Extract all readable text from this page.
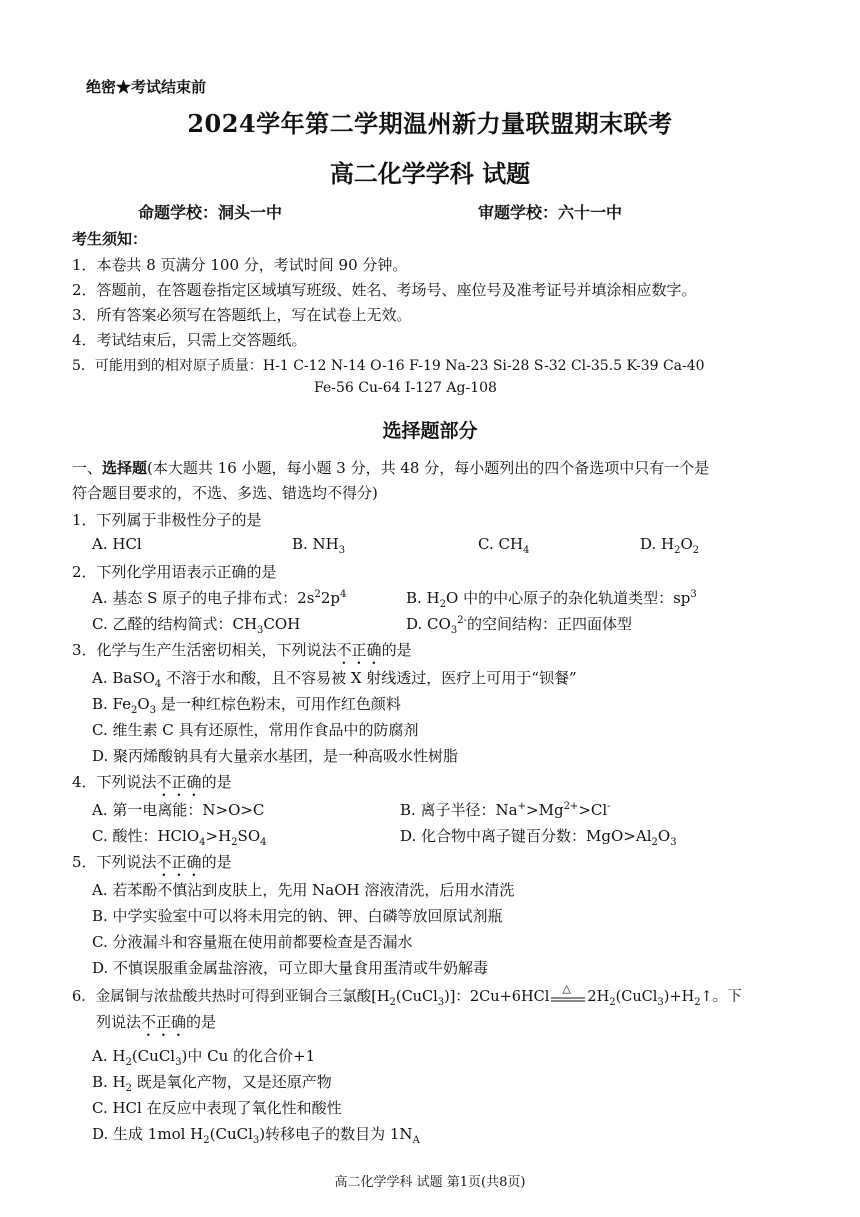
绝密★考试结束前
2024学年第二学期温州新力量联盟期末联考
高二化学学科 试题
命题学校：洞头一中	审题学校：六十一中
考生须知：
1．本卷共 8 页满分 100 分，考试时间 90 分钟。
2．答题前，在答题卷指定区域填写班级、姓名、考场号、座位号及准考证号并填涂相应数字。
3．所有答案必须写在答题纸上，写在试卷上无效。
4．考试结束后，只需上交答题纸。
5．可能用到的相对原子质量：H-1 C-12 N-14 O-16 F-19 Na-23 Si-28 S-32 Cl-35.5 K-39 Ca-40
Fe-56 Cu-64 I-127 Ag-108
选择题部分
一、选择题(本大题共 16 小题，每小题 3 分，共 48 分，每小题列出的四个备选项中只有一个是
符合题目要求的，不选、多选、错选均不得分)
1．下列属于非极性分子的是
A. HCl	B. $NH_3$	C. $CH_4$	D. $H_2O_2$
2．下列化学用语表示正确的是
A. 基态 S 原子的电子排布式：$2s^22p^4$	B. $H_2O$ 中的中心原子的杂化轨道类型：$sp^3$
C. 乙醛的结构简式：$CH_3COH$	D. $CO_3^{2-}$的空间结构：正四面体型
3．化学与生产生活密切相关，下列说法不正确的是
A. BaSO$_4$ 不溶于水和酸，且不容易被 X 射线透过，医疗上可用于“钡餐”
B. $Fe_2O_3$ 是一种红棕色粉末，可用作红色颜料
C. 维生素 C 具有还原性，常用作食品中的防腐剂
D. 聚丙烯酸钠具有大量亲水基团，是一种高吸水性树脂
4．下列说法不正确的是
A. 第一电离能：N>O>C	B. 离子半径：$Na^+>Mg^{2+}>Cl^-$
C. 酸性：$HClO_4>H_2SO_4$	D. 化合物中离子键百分数：$MgO>Al_2O_3$
5．下列说法不正确的是
A. 若苯酚不慎沾到皮肤上，先用 NaOH 溶液清洗，后用水清洗
B. 中学实验室中可以将未用完的钠、钾、白磷等放回原试剂瓶
C. 分液漏斗和容量瓶在使用前都要检查是否漏水
D. 不慎误服重金属盐溶液，可立即大量食用蛋清或牛奶解毒
6．金属铜与浓盐酸共热时可得到亚铜合三氯酸$[H_2(CuCl_3)]$：2Cu+6HCl
△
$2H_2(CuCl_3)+H_2↑$。下
列说法不正确的是
A. $H_2(CuCl_3)$中 Cu 的化合价+1
B. $H_2$ 既是氧化产物，又是还原产物
C. HCl 在反应中表现了氧化性和酸性
D. 生成 1mol $H_2(CuCl_3)$转移电子的数目为 $1N_A$
高二化学学科 试题 第1页(共8页)
